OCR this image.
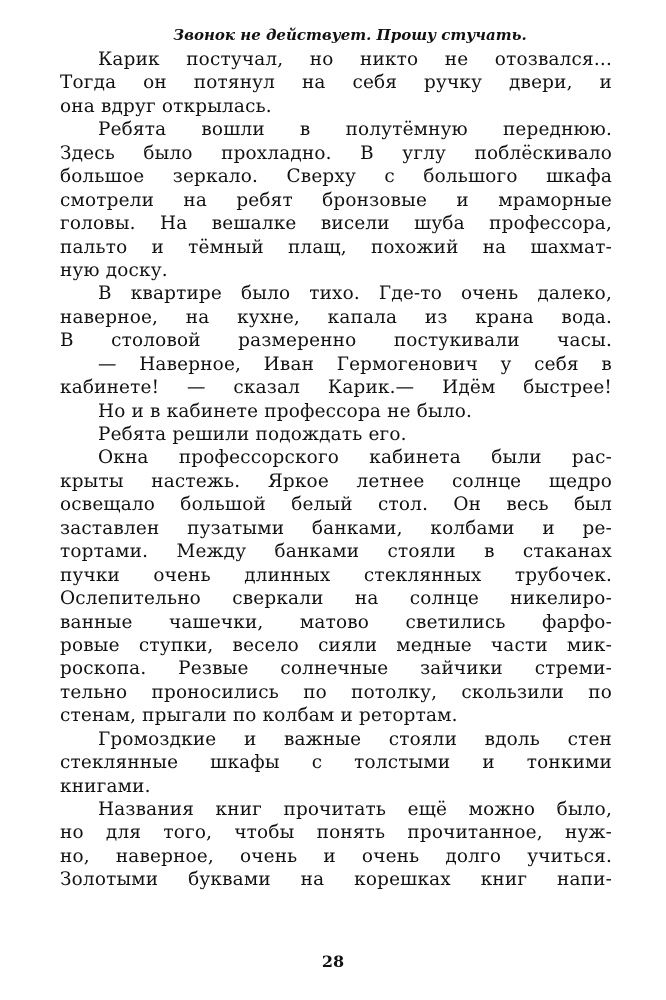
Звонок не действует. Прошу стучать.
Карик постучал, но никто не отозвался...
Тогда он потянул на себя ручку двери, и
она вдруг открылась.
Ребята вошли в полутёмную переднюю.
Здесь было прохладно. В углу поблёскивало
большое зеркало. Сверху с большого шкафа
смотрели на ребят бронзовые и мраморные
головы. На вешалке висели шуба профессора,
пальто и тёмный плащ, похожий на шахмат-
ную доску.
В квартире было тихо. Где-то очень далеко,
наверное, на кухне, капала из крана вода.
В столовой размеренно постукивали часы.
— Наверное, Иван Гермогенович у себя в
кабинете! — сказал Карик.— Идём быстрее!
Но и в кабинете профессора не было.
Ребята решили подождать его.
Окна профессорского кабинета были рас-
крыты настежь. Яркое летнее солнце щедро
освещало большой белый стол. Он весь был
заставлен пузатыми банками, колбами и ре-
тортами. Между банками стояли в стаканах
пучки очень длинных стеклянных трубочек.
Ослепительно сверкали на солнце никелиро-
ванные чашечки, матово светились фарфо-
ровые ступки, весело сияли медные части мик-
роскопа. Резвые солнечные зайчики стреми-
тельно проносились по потолку, скользили по
стенам, прыгали по колбам и ретортам.
Громоздкие и важные стояли вдоль стен
стеклянные шкафы с толстыми и тонкими
книгами.
Названия книг прочитать ещё можно было,
но для того, чтобы понять прочитанное, нуж-
но, наверное, очень и очень долго учиться.
Золотыми буквами на корешках книг напи-
28
